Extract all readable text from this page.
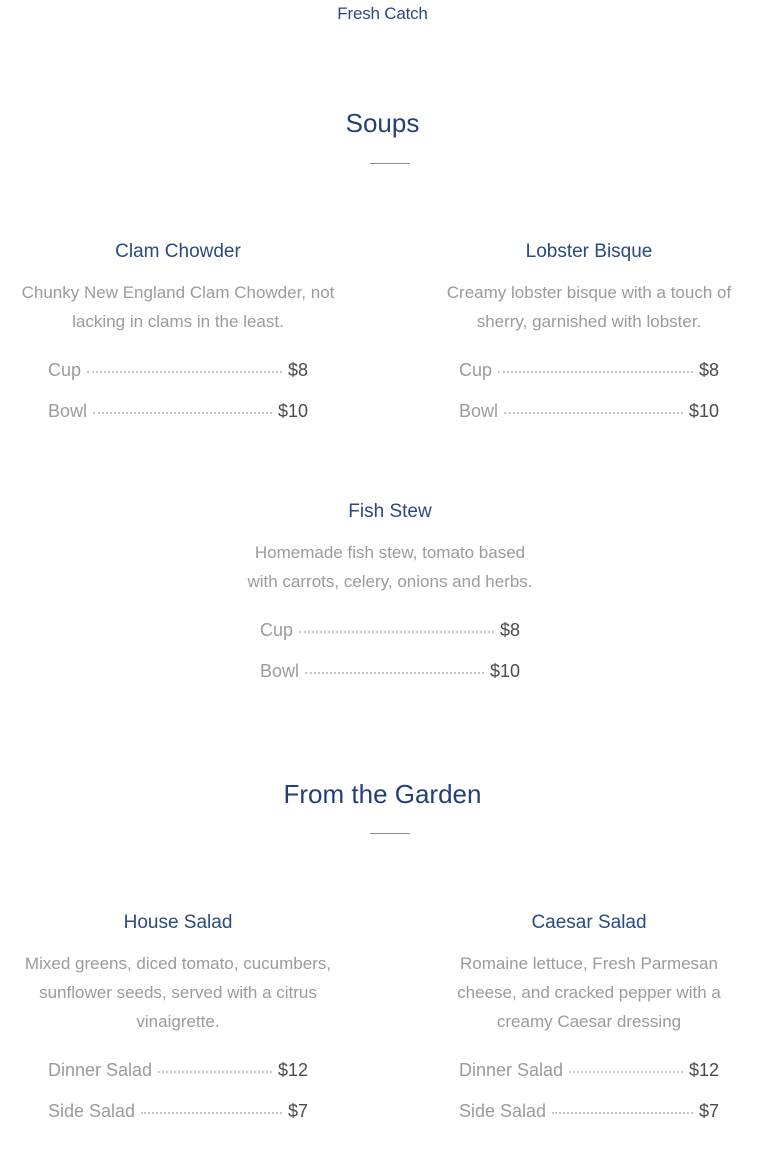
Fresh Catch
Soups
Clam Chowder
Chunky New England Clam Chowder, not lacking in clams in the least.
Cup	$8
Bowl	$10
Lobster Bisque
Creamy lobster bisque with a touch of sherry, garnished with lobster.
Cup	$8
Bowl	$10
Fish Stew
Homemade fish stew, tomato based with carrots, celery, onions and herbs.
Cup	$8
Bowl	$10
From the Garden
House Salad
Mixed greens, diced tomato, cucumbers, sunflower seeds, served with a citrus vinaigrette.
Dinner Salad	$12
Side Salad	$7
Caesar Salad
Romaine lettuce, Fresh Parmesan cheese, and cracked pepper with a creamy Caesar dressing
Dinner Salad	$12
Side Salad	$7
